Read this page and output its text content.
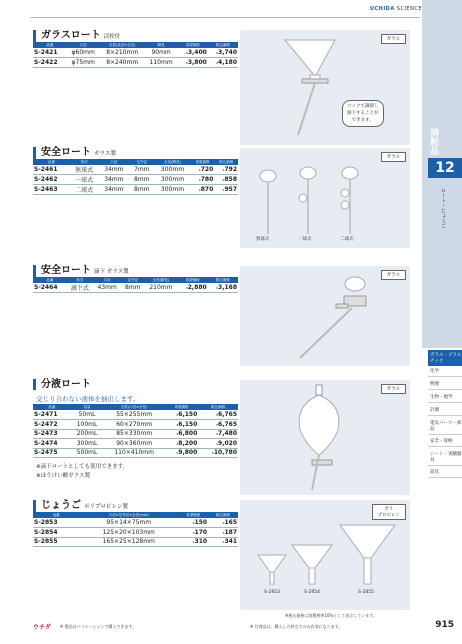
UCHIDA SCIENCE
ガラスロート 活栓付
品番	口径	全長(足径×全長)	脚長	希望価格	税込価格
S-2421	φ60mm	8×210mm	90mm	¥3,400	¥3,740
S-2422	φ75mm	8×240mm	110mm	¥3,800	¥4,180
ガラス
コックで調節し
滴下することが
できます。
安全ロート ガラス製
品番	形式	口径	足外径	全長(脚長)	希望価格	税込価格
S-2461	無球式	34mm	7mm	300mm	¥720	¥792
S-2462	一球式	34mm	8mm	300mm	¥780	¥858
S-2463	二球式	34mm	8mm	300mm	¥870	¥957
ガラス
無球式	一球式	二球式
安全ロート 滴下 ガラス製
品番	形式	口径	足外径	全長(脚長)	希望価格	税込価格
S-2464	滴下式	43mm	8mm	210mm	¥2,880	¥3,168
ガラス
分液ロート
交じり合わない液体を抽出します。
品番	容量	全長(口径×全長)	希望価格	税込価格
S-2471	50mL	55×255mm	¥6,150	¥6,765
S-2472	100mL	60×270mm	¥6,150	¥6,765
S-2473	200mL	85×330mm	¥6,800	¥7,480
S-2474	300mL	90×360mm	¥8,200	¥9,020
S-2475	500mL	110×410mm	¥9,800	¥10,780
※滴下ロートとしても使用できます。
※ほうけい酸ガラス製
ガラス
じょうご ポリプロピレン製
品番	口径×足外径×全長(mm)	希望価格	税込価格
S-2853	95×14×75mm	¥150	¥165
S-2854	125×20×103mm	¥170	¥187
S-2855	165×25×128mm	¥310	¥341
ポリ
プロピレン
S-2853	S-2854	S-2855
消耗品
12
ロート・じょうご
ガラス・プラスチック
化学
物理
生物・地学
計測
電気パーツ・部品
安全・収納
シート・実験器具
話具
※税込価格は消費税率10%として表示しています。
ウチダ ※ 製品はバリエーションで購入できます。	※ 付商品は、購入した時点でのみ有効になります。	915
